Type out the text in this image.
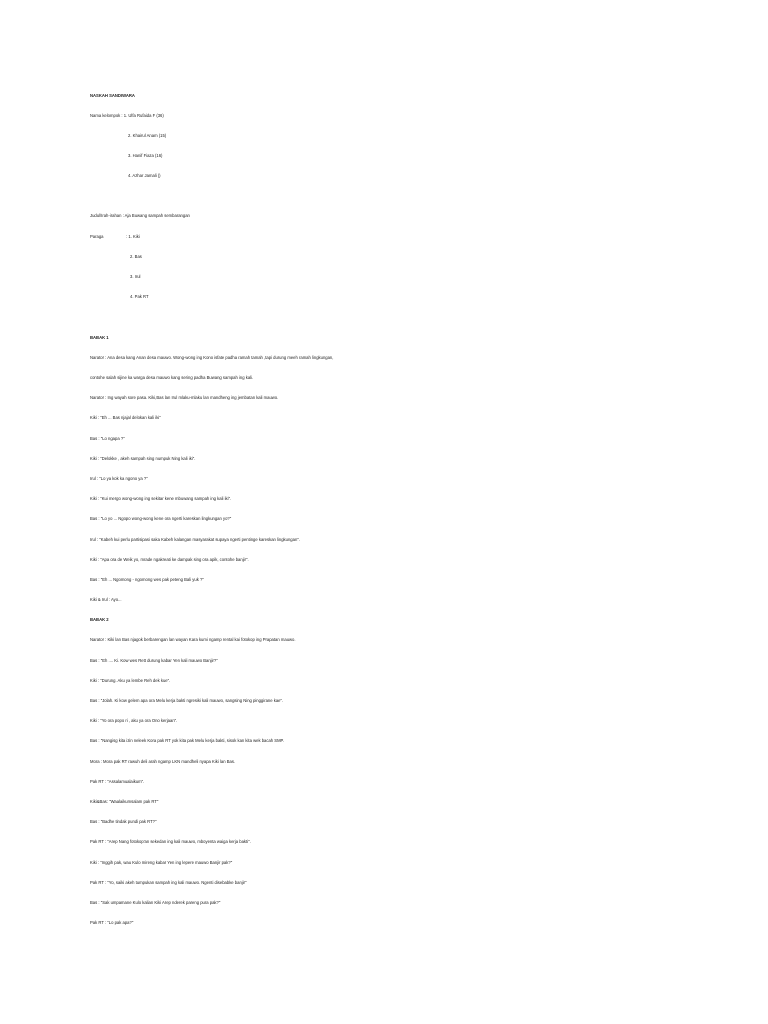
NASKAH SANDIWARA
Nama kelompok : 1. Ulfa Rufaida F (36)
2. Khairul Anam (15)
3. Hanif Fiaza (16)
4. Azhar Jamali ()
Judul/Irah-irahan : Aja Buwang sampah sembarangan
Paraga	: 1. Kiki
2. Bas
3. Irul
4. Pak RT
BABAK 1
Narator : Ana desa kang Anan desa mauwo. Wong-wong ing Kono isfate padha ramah tamah ,tapi durung meeh ramah lingkungan,
contohe salah sijine ka warga desa mauwo kang sering padha Buwang sampah ing kali.
Narator : Ing wayah sore pasa. Kiki,Bas lan Irul mlaku-mlaku lan mandheng ing jembatan kali mauwo.
Kiki : "Eh ... Bas njajal delokan kali iki"
Bas : "Lo ngapa ?"
Kiki : "Delokke , akeh sampah sing numpuk Ning kali iki".
Irul : "Lo ya kok ka ngono ya ?"
Kiki : "Kui mergo wong-wong ing sekitar kene mbuwang sampah ing kali iki".
Bas : "Lo yo ... Ngopo wong-wong kene ora ngerti kareskan lingkungan yo?"
Irul : "Kabeh kui perlu partisipasi saka Kabeh kalangan masyarakat supaya ngerti pentinge kareskan lingkungan".
Kiki : "Apa ora de Weik yo, mrade ngakreati ke dampak sing ora apik, contohe banjir".
Bas : "Eh ... Ngomong - ngomong wes pak peteng Bali yuk ?"
Kiki & Irul : Ayo...
BABAK 2
Narator : Kiki lan Bas njagok berbarengan lan wayan Kara kumi ngamp rental kai fotokop ing Prapatan mauwo.
Bas : "Eh .... Ki. Kow wes Rett durung kabar Yen kali mauwo Banjir?"
Kiki : "Durung. Aku ya lembe Reh dek kue".
Bas : "Jolah. Ki kow gelem apa ora Melu kerja bakti ngresiki kali mauwo, sangsing Ning pinggirane kae".
Kiki : "Yo ora popo ri , aku ya ora Ono kerjaan".
Bas : "Nangisg kita izin neleek Kora pak RT yok kita pak Melu kerja bakti, sisok kan kita wek bacah SMP.
Mora : Mora pak RT rawuh deli arah ngamp LKN mandheli nyapa Kiki lan Bas.
Pak RT : "Assalamualaikum".
Kiki&Bas: "Waalaikumsalam pak RT"
Bas : "Badhe tindak pundi pak RT?"
Pak RT : "Arep Nang fotokop'an sekedan ing kali mauwo, mboyenta waiga kerja bakti".
Kiki : "Inggih pak, wau Kulo mireng kabar Yen ing lepere mauwo Banjir pak?"
Pak RT : "Yo, saiki akeh tumpukan sampah ing kali mauwo. Ngenti disebabke banjir"
Bas : "Sak umpamane Kulo kalian Kiki Arep nderek pareng pura pak?"
Pak RT : "Lo pak apa?"
